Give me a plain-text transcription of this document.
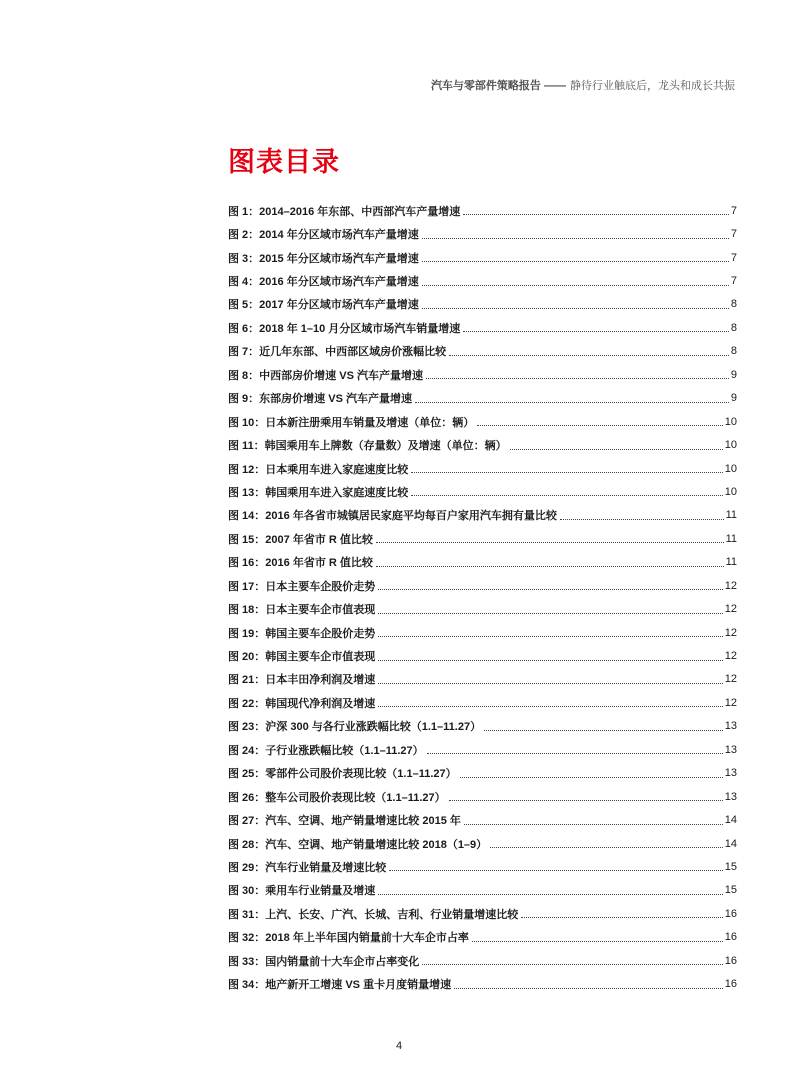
汽车与零部件策略报告 —— 静待行业触底后，龙头和成长共振
图表目录
图 1：2014–2016 年东部、中西部汽车产量增速	7
图 2：2014 年分区域市场汽车产量增速	7
图 3：2015 年分区域市场汽车产量增速	7
图 4：2016 年分区域市场汽车产量增速	7
图 5：2017 年分区域市场汽车产量增速	8
图 6：2018 年 1–10 月分区域市场汽车销量增速	8
图 7：近几年东部、中西部区域房价涨幅比较	8
图 8：中西部房价增速 VS 汽车产量增速	9
图 9：东部房价增速 VS 汽车产量增速	9
图 10：日本新注册乘用车销量及增速（单位：辆）	10
图 11：韩国乘用车上牌数（存量数）及增速（单位：辆）	10
图 12：日本乘用车进入家庭速度比较	10
图 13：韩国乘用车进入家庭速度比较	10
图 14：2016 年各省市城镇居民家庭平均每百户家用汽车拥有量比较	11
图 15：2007 年省市 R 值比较	11
图 16：2016 年省市 R 值比较	11
图 17：日本主要车企股价走势	12
图 18：日本主要车企市值表现	12
图 19：韩国主要车企股价走势	12
图 20：韩国主要车企市值表现	12
图 21：日本丰田净利润及增速	12
图 22：韩国现代净利润及增速	12
图 23：沪深 300 与各行业涨跌幅比较（1.1–11.27）	13
图 24：子行业涨跌幅比较（1.1–11.27）	13
图 25：零部件公司股价表现比较（1.1–11.27）	13
图 26：整车公司股价表现比较（1.1–11.27）	13
图 27：汽车、空调、地产销量增速比较 2015 年	14
图 28：汽车、空调、地产销量增速比较 2018（1–9）	14
图 29：汽车行业销量及增速比较	15
图 30：乘用车行业销量及增速	15
图 31：上汽、长安、广汽、长城、吉利、行业销量增速比较	16
图 32：2018 年上半年国内销量前十大车企市占率	16
图 33：国内销量前十大车企市占率变化	16
图 34：地产新开工增速 VS 重卡月度销量增速	16
4
